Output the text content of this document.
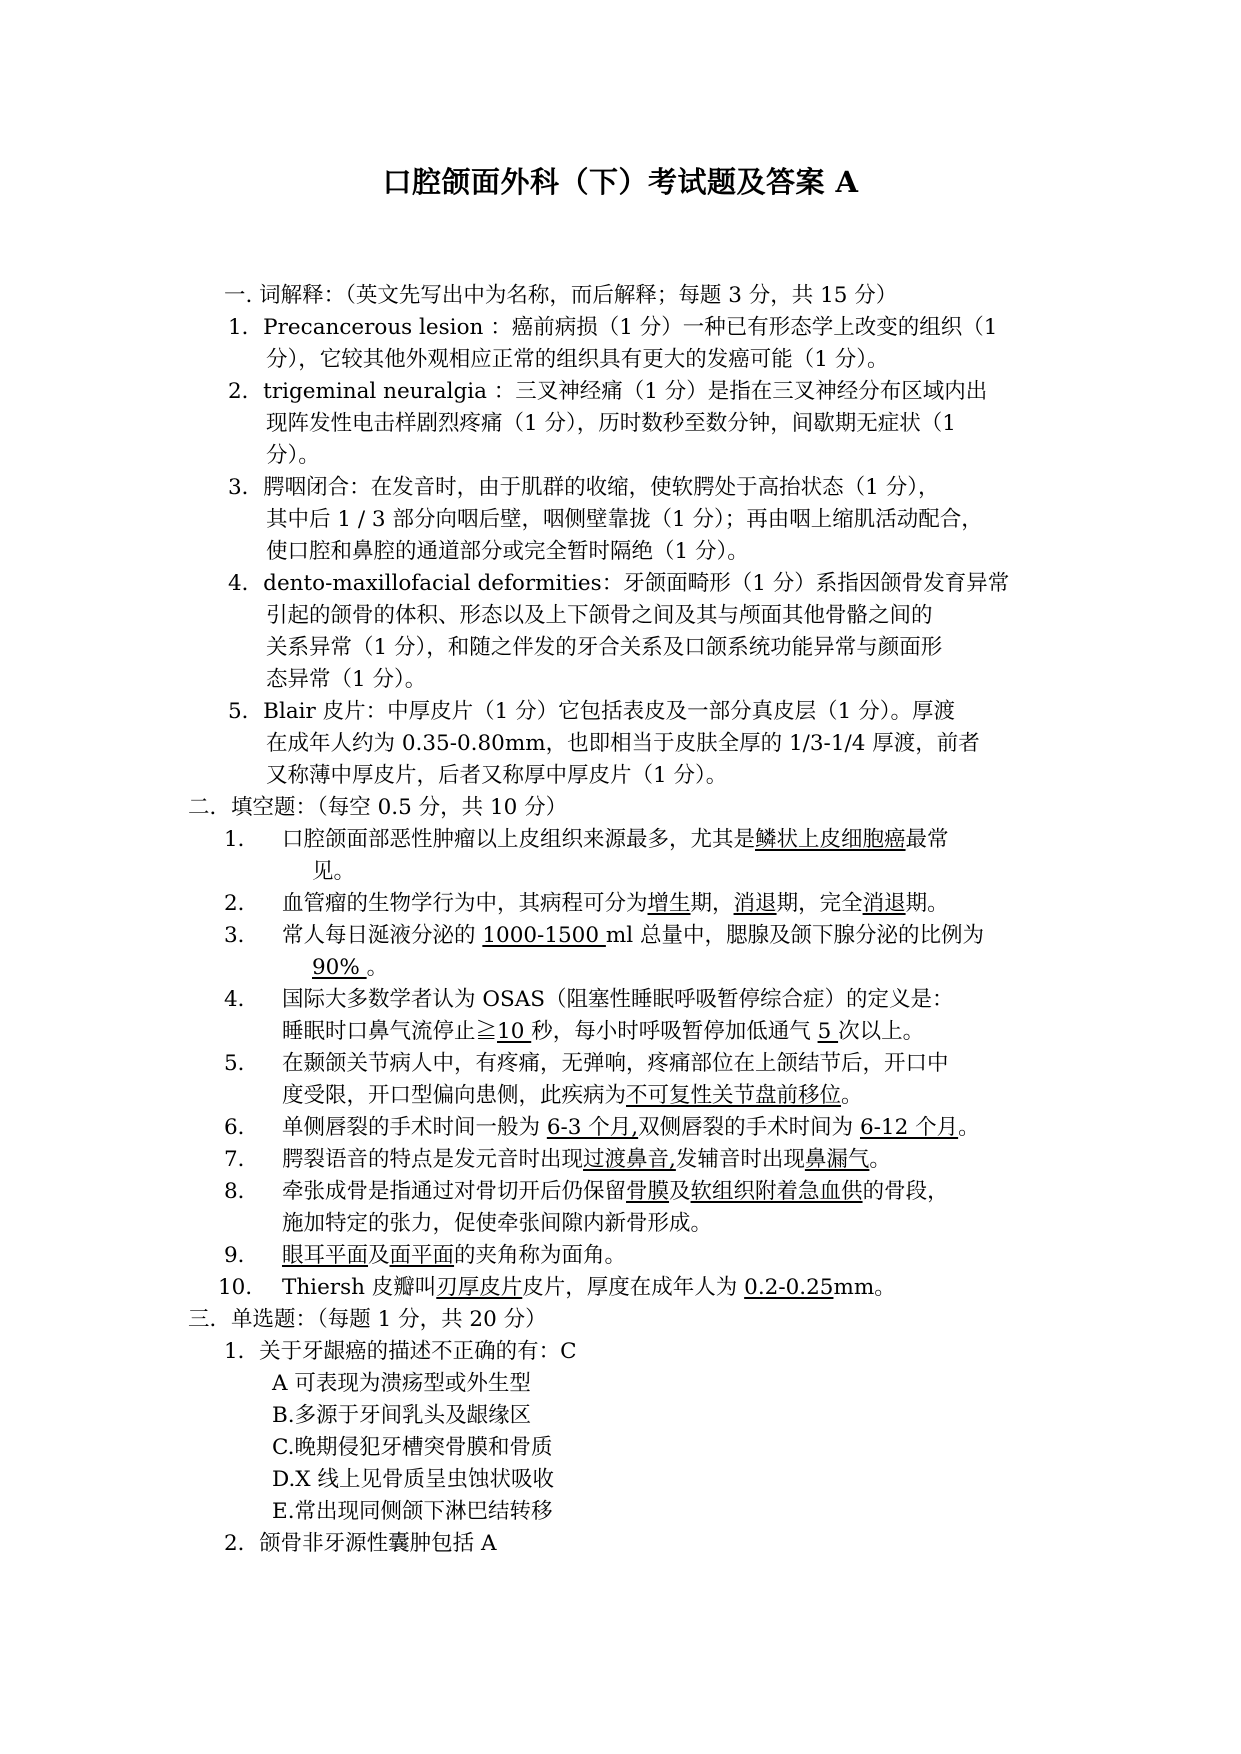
口腔颌面外科（下）考试题及答案 A
一. 词解释：（英文先写出中为名称，而后解释；每题 3 分，共 15 分）
1．Precancerous lesion ：癌前病损（1 分）一种已有形态学上改变的组织（1
分），它较其他外观相应正常的组织具有更大的发癌可能（1 分）。
2．trigeminal neuralgia ：三叉神经痛（1 分）是指在三叉神经分布区域内出
现阵发性电击样剧烈疼痛（1 分），历时数秒至数分钟，间歇期无症状（1
分）。
3．腭咽闭合：在发音时，由于肌群的收缩，使软腭处于高抬状态（1 分），
其中后 1 / 3 部分向咽后壁，咽侧壁靠拢（1 分）；再由咽上缩肌活动配合，
使口腔和鼻腔的通道部分或完全暂时隔绝（1 分）。
4．dento-maxillofacial deformities：牙颌面畸形（1 分）系指因颌骨发育异常
引起的颌骨的体积、形态以及上下颌骨之间及其与颅面其他骨骼之间的
关系异常（1 分），和随之伴发的牙合关系及口颌系统功能异常与颜面形
态异常（1 分）。
5．Blair 皮片：中厚皮片（1 分）它包括表皮及一部分真皮层（1 分）。厚渡
在成年人约为 0.35-0.80mm，也即相当于皮肤全厚的 1/3-1/4 厚渡，前者
又称薄中厚皮片，后者又称厚中厚皮片（1 分）。
二．填空题：（每空 0.5 分，共 10 分）
1． 口腔颌面部恶性肿瘤以上皮组织来源最多，尤其是鳞状上皮细胞癌最常
见。
2． 血管瘤的生物学行为中，其病程可分为增生期，消退期，完全消退期。
3． 常人每日涎液分泌的 1000-1500 ml 总量中，腮腺及颌下腺分泌的比例为
90% 。
4． 国际大多数学者认为 OSAS（阻塞性睡眠呼吸暂停综合症）的定义是：
睡眠时口鼻气流停止≧10 秒，每小时呼吸暂停加低通气 5 次以上。
5． 在颞颌关节病人中，有疼痛，无弹响，疼痛部位在上颌结节后，开口中
度受限，开口型偏向患侧，此疾病为不可复性关节盘前移位。
6． 单侧唇裂的手术时间一般为 6-3 个月,双侧唇裂的手术时间为 6-12 个月。
7． 腭裂语音的特点是发元音时出现过渡鼻音,发辅音时出现鼻漏气。
8． 牵张成骨是指通过对骨切开后仍保留骨膜及软组织附着急血供的骨段，
施加特定的张力，促使牵张间隙内新骨形成。
9． 眼耳平面及面平面的夹角称为面角。
10． Thiersh 皮瓣叫刃厚皮片皮片，厚度在成年人为 0.2-0.25mm。
三．单选题：（每题 1 分，共 20 分）
1．关于牙龈癌的描述不正确的有：C
A 可表现为溃疡型或外生型
B.多源于牙间乳头及龈缘区
C.晚期侵犯牙槽突骨膜和骨质
D.X 线上见骨质呈虫蚀状吸收
E.常出现同侧颌下淋巴结转移
2．颌骨非牙源性囊肿包括 A
